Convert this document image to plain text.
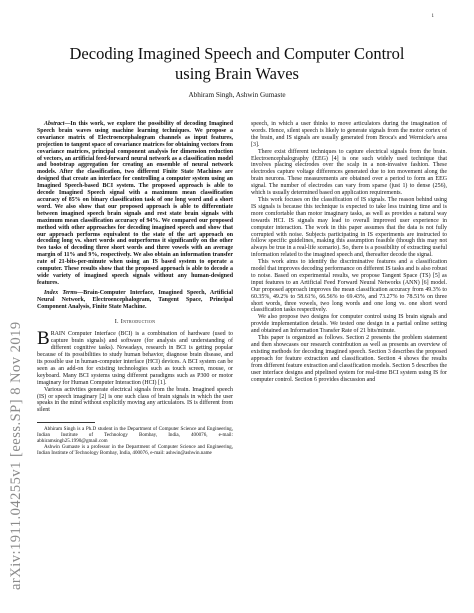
1
arXiv:1911.04255v1 [eess.SP] 8 Nov 2019
Decoding Imagined Speech and Computer Control
using Brain Waves
Abhiram Singh, Ashwin Gumaste

Abstract—In this work, we explore the possibility of decoding Imagined Speech brain waves using machine learning techniques. We propose a covariance matrix of Electroencephalogram channels as input features, projection to tangent space of covariance matrices for obtaining vectors from covariance matrices, principal component analysis for dimension reduction of vectors, an artificial feed-forward neural network as a classification model and bootstrap aggregation for creating an ensemble of neural network models. After the classification, two different Finite State Machines are designed that create an interface for controlling a computer system using an Imagined Speech-based BCI system. The proposed approach is able to decode Imagined Speech signal with a maximum mean classification accuracy of 85% on binary classification task of one long word and a short word. We also show that our proposed approach is able to differentiate between imagined speech brain signals and rest state brain signals with maximum mean classification accuracy of 94%. We compared our proposed method with other approaches for decoding imagined speech and show that our approach performs equivalent to the state of the art approach on decoding long vs. short words and outperforms it significantly on the other two tasks of decoding three short words and three vowels with an average margin of 11% and 9%, respectively. We also obtain an information transfer rate of 21-bits-per-minute when using an IS based system to operate a computer. These results show that the proposed approach is able to decode a wide variety of imagined speech signals without any human-designed features.

Index Terms—Brain-Computer Interface, Imagined Speech, Artificial Neural Network, Electroencephalogram, Tangent Space, Principal Component Analysis, Finite State Machine.

I. Introduction

BRAIN Computer Interface (BCI) is a combination of hardware (used to capture brain signals) and software (for analysis and understanding of different cognitive tasks). Nowadays, research in BCI is getting popular because of its possibilities to study human behavior, diagnose brain disease, and its possible use in human-computer interface (HCI) devices. A BCI system can be seen as an add-on for existing technologies such as touch screen, mouse, or keyboard. Many BCI systems using different paradigms such as P300 or motor imaginary for Human Computer Interaction (HCI) [1].

Various activities generate electrical signals from the brain. Imagined speech (IS) or speech imaginary [2] is one such class of brain signals in which the user speaks in the mind without explicitly moving any articulators. IS is different from silent

Abhiram Singh is a Ph.D student in the Department of Computer Science and Engineering, Indian Institute of Technology Bombay, India, 400076, e-mail: abhiramsingh25.1990@gmail.com

Ashwin Gumaste is a professor in the Department of Computer Science and Engineering, Indian Institute of Technology Bombay, India, 400076, e-mail: ashwin@ashwin.name

speech, in which a user thinks to move articulators during the imagination of words. Hence, silent speech is likely to generate signals from the motor cortex of the brain, and IS signals are usually generated from Broca's and Wernicke's area [3].

There exist different techniques to capture electrical signals from the brain. Electroencephalography (EEG) [4] is one such widely used technique that involves placing electrodes over the scalp in a non-invasive fashion. These electrodes capture voltage differences generated due to ion movement along the brain neurons. These measurements are obtained over a period to form an EEG signal. The number of electrodes can vary from sparse (just 1) to dense (256), which is usually determined based on application requirements.

This work focuses on the classification of IS signals. The reason behind using IS signals is because this technique is expected to take less training time and is more comfortable than motor imaginary tasks, as well as provides a natural way towards HCI. IS signals may lead to overall improved user experience in computer interaction. The work in this paper assumes that the data is not fully corrupted with noise. Subjects participating in IS experiments are instructed to follow specific guidelines, making this assumption feasible (though this may not always be true in a real-life scenario). So, there is a possibility of extracting useful information related to the imagined speech and, thereafter decode the signal.

This work aims to identify the discriminative features and a classification model that improves decoding performance on different IS tasks and is also robust to noise. Based on experimental results, we propose Tangent Space (TS) [5] as input features to an Artificial Feed Forward Neural Networks (ANN) [6] model. Our proposed approach improves the mean classification accuracy from 49.3% to 60.35%, 49.2% to 58.61%, 66.56% to 69.43%, and 73.27% to 78.51% on three short words, three vowels, two long words and one long vs. one short word classification tasks respectively.

We also propose two designs for computer control using IS brain signals and provide implementation details. We tested one design in a partial online setting and obtained an Information Transfer Rate of 21 bits/minute.

This paper is organized as follows. Section 2 presents the problem statement and then showcases our research contribution as well as presents an overview of existing methods for decoding imagined speech. Section 3 describes the proposed approach for feature extraction and classification. Section 4 shows the results from different feature extraction and classification models. Section 5 describes the user interface designs and pipelined system for real-time BCI system using IS for computer control. Section 6 provides discussion and
